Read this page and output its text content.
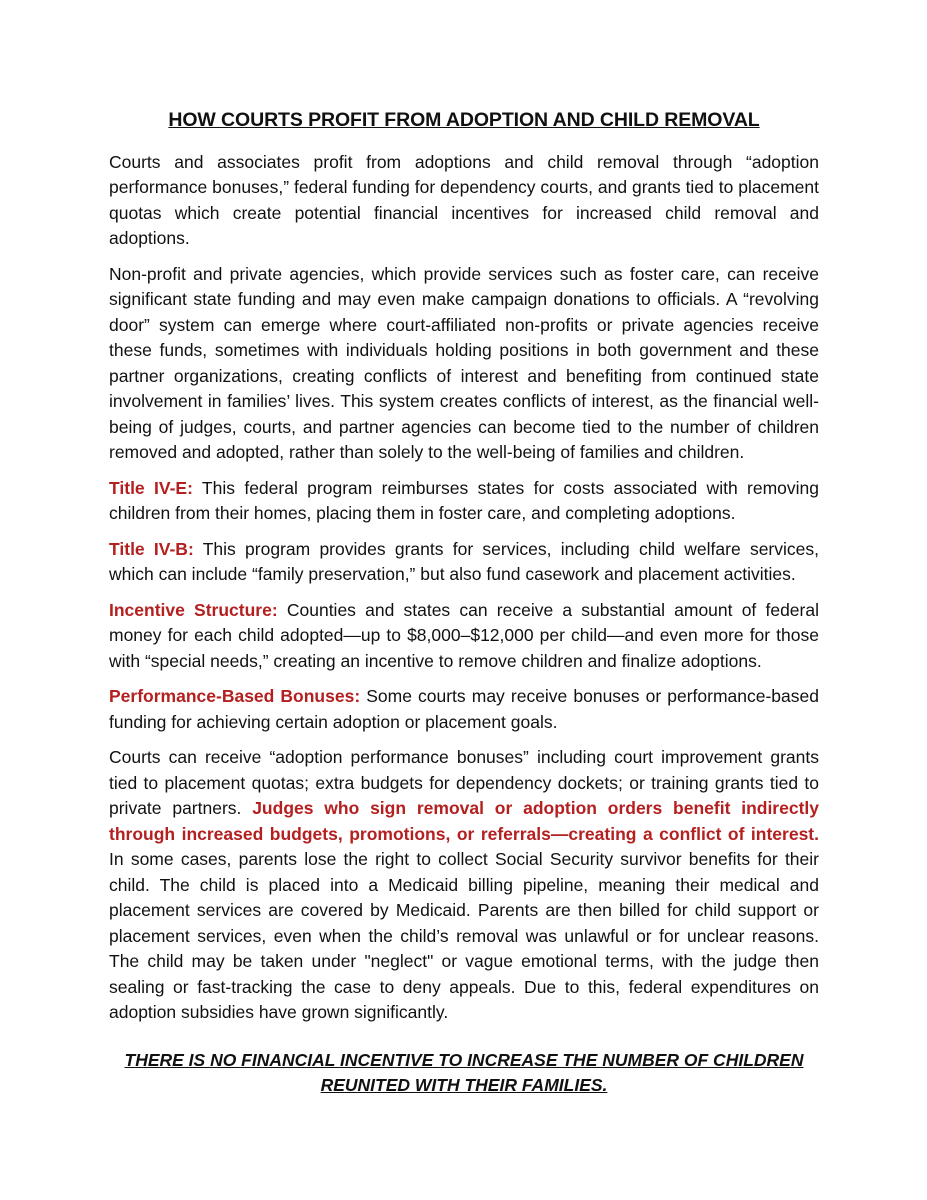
HOW COURTS PROFIT FROM ADOPTION AND CHILD REMOVAL

Courts and associates profit from adoptions and child removal through “adoption performance bonuses,” federal funding for dependency courts, and grants tied to placement quotas which create potential financial incentives for increased child removal and adoptions.

Non-profit and private agencies, which provide services such as foster care, can receive significant state funding and may even make campaign donations to officials. A “revolving door” system can emerge where court-affiliated non-profits or private agencies receive these funds, sometimes with individuals holding positions in both government and these partner organizations, creating conflicts of interest and benefiting from continued state involvement in families’ lives. This system creates conflicts of interest, as the financial well-being of judges, courts, and partner agencies can become tied to the number of children removed and adopted, rather than solely to the well-being of families and children.

Title IV-E: This federal program reimburses states for costs associated with removing children from their homes, placing them in foster care, and completing adoptions.

Title IV-B: This program provides grants for services, including child welfare services, which can include “family preservation,” but also fund casework and placement activities.

Incentive Structure: Counties and states can receive a substantial amount of federal money for each child adopted—up to $8,000–$12,000 per child—and even more for those with “special needs,” creating an incentive to remove children and finalize adoptions.

Performance-Based Bonuses: Some courts may receive bonuses or performance-based funding for achieving certain adoption or placement goals.

Courts can receive “adoption performance bonuses” including court improvement grants tied to placement quotas; extra budgets for dependency dockets; or training grants tied to private partners. Judges who sign removal or adoption orders benefit indirectly through increased budgets, promotions, or referrals—creating a conflict of interest. In some cases, parents lose the right to collect Social Security survivor benefits for their child. The child is placed into a Medicaid billing pipeline, meaning their medical and placement services are covered by Medicaid. Parents are then billed for child support or placement services, even when the child’s removal was unlawful or for unclear reasons. The child may be taken under "neglect" or vague emotional terms, with the judge then sealing or fast-tracking the case to deny appeals. Due to this, federal expenditures on adoption subsidies have grown significantly.

THERE IS NO FINANCIAL INCENTIVE TO INCREASE THE NUMBER OF CHILDREN
REUNITED WITH THEIR FAMILIES.
